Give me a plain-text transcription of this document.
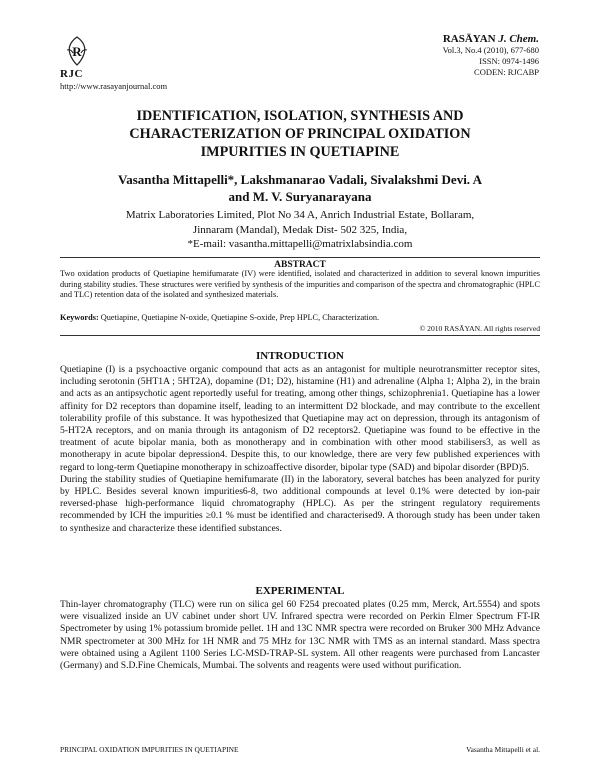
R
RJC
http://www.rasayanjournal.com
RASĀYAN J. Chem.
Vol.3, No.4 (2010), 677-680
ISSN: 0974-1496
CODEN: RJCABP
IDENTIFICATION, ISOLATION, SYNTHESIS AND
CHARACTERIZATION OF PRINCIPAL OXIDATION
IMPURITIES IN QUETIAPINE
Vasantha Mittapelli*, Lakshmanarao Vadali, Sivalakshmi Devi. A
and M. V. Suryanarayana
Matrix Laboratories Limited, Plot No 34 A, Anrich Industrial Estate, Bollaram,
Jinnaram (Mandal), Medak Dist- 502 325, India,
*E-mail: vasantha.mittapelli@matrixlabsindia.com
ABSTRACT
Two oxidation products of Quetiapine hemifumarate (IV) were identified, isolated and characterized in addition to several known impurities during stability studies. These structures were verified by synthesis of the impurities and comparison of the spectra and chromatographic (HPLC and TLC) retention data of the isolated and synthesized materials.
Keywords: Quetiapine, Quetiapine N-oxide, Quetiapine S-oxide, Prep HPLC, Characterization.
© 2010 RASĀYAN. All rights reserved
INTRODUCTION

Quetiapine (I) is a psychoactive organic compound that acts as an antagonist for multiple neurotransmitter receptor sites, including serotonin (5HT1A ; 5HT2A), dopamine (D1; D2), histamine (H1) and adrenaline (Alpha 1; Alpha 2), in the brain and acts as an antipsychotic agent reportedly useful for treating, among other things, schizophrenia1. Quetiapine has a lower affinity for D2 receptors than dopamine itself, leading to an intermittent D2 blockade, and may contribute to the excellent tolerability profile of this substance. It was hypothesized that Quetiapine may act on depression, through its antagonism of 5-HT2A receptors, and on mania through its antagonism of D2 receptors2. Quetiapine was found to be effective in the treatment of acute bipolar mania, both as monotherapy and in combination with other mood stabilisers3, as well as monotherapy in acute bipolar depression4. Despite this, to our knowledge, there are very few published experiences with regard to long-term Quetiapine monotherapy in schizoaffective disorder, bipolar type (SAD) and bipolar disorder (BPD)5.

During the stability studies of Quetiapine hemifumarate (II) in the laboratory, several batches has been analyzed for purity by HPLC. Besides several known impurities6-8, two additional compounds at level 0.1% were detected by ion-pair reversed-phase high-performance liquid chromatography (HPLC). As per the stringent regulatory requirements recommended by ICH the impurities ≥0.1 % must be identified and characterised9. A thorough study has been under taken to synthesize and characterize these identified substances.

EXPERIMENTAL

Thin-layer chromatography (TLC) were run on silica gel 60 F254 precoated plates (0.25 mm, Merck, Art.5554) and spots were visualized inside an UV cabinet under short UV. Infrared spectra were recorded on Perkin Elmer Spectrum FT-IR Spectrometer by using 1% potassium bromide pellet. 1H and 13C NMR spectra were recorded on Bruker 300 MHz Advance NMR spectrometer at 300 MHz for 1H NMR and 75 MHz for 13C NMR with TMS as an internal standard. Mass spectra were obtained using a Agilent 1100 Series LC-MSD-TRAP-SL system. All other reagents were purchased from Lancaster (Germany) and S.D.Fine Chemicals, Mumbai. The solvents and reagents were used without purification.

PRINCIPAL OXIDATION IMPURITIES IN QUETIAPINE	Vasantha Mittapelli et al.
